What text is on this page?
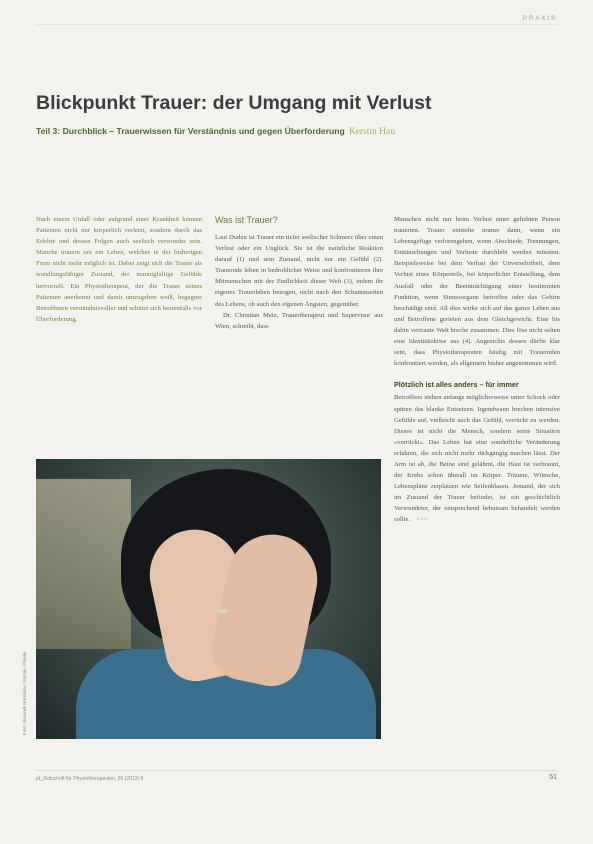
PRAXIS
Blickpunkt Trauer: der Umgang mit Verlust
Teil 3: Durchblick – Trauerwissen für Verständnis und gegen Überforderung Kerstin Hau

Nach einem Unfall oder aufgrund einer Krankheit können Patienten nicht nur körperlich verletzt, sondern durch das Erlebte und dessen Folgen auch seelisch verwundet sein. Manche trauern um ein Leben, welches in der bisherigen Form nicht mehr möglich ist. Dabei zeigt sich die Trauer als wandlungsfähiger Zustand, der mannigfaltige Gefühle hervorruft. Ein Physiotherapeut, der die Trauer seines Patienten anerkennt und damit umzugehen weiß, begegnet Betroffenen verständnisvoller und schützt sich bestenfalls vor Überforderung.

Was ist Trauer?

Laut Duden ist Trauer ein tiefer seelischer Schmerz über einen Verlust oder ein Unglück. Sie ist die natürliche Reaktion darauf (1) und sein Zustand, nicht nur ein Gefühl (2). Trauernde leben in bedrohlicher Weise und konfrontieren ihre Mitmenschen mit der Endlichkeit dieser Welt (3), indem ihr eigenes Trauerleben bezogen, nicht nach den Schattenseiten des Lebens, ob auch den eigenen Ängsten, gegenüber.

Dr. Christian Metz, Trauertherapeut und Supervisor aus Wien, schreibt, dass

Menschen nicht nur beim Verlust einer geliebten Person trauerten. Trauer entstehe immer dann, wenn ein Lebensgefüge verlorengehen, wenn Abschiede, Trennungen, Enttäuschungen und Verluste durchlebt werden müssten. Beispielsweise bei dem Verlust der Unversehrtheit, dem Verlust eines Körperteils, bei körperlicher Entstellung, dem Ausfall oder der Beeinträchtigung einer bestimmten Funktion, wenn Sinnesorgane betroffen oder das Gehirn beschädigt sind. All dies wirke sich auf das ganze Leben aus und Betroffene gerieten aus dem Gleichgewicht. Eine bis dahin vertraute Welt breche zusammen. Dies löse nicht selten eine Identitätskrise aus (4). Angesichts dessen dürfte klar sein, dass Physiotherapeuten häufig mit Trauernden konfrontiert werden, als allgemein bisher angenommen wird.

Plötzlich ist alles anders – für immer

Betroffene stehen anfangs möglicherweise unter Schock oder spüren das blanke Entsetzen. Irgendwann brechen intensive Gefühle auf, vielleicht auch das Gefühl, verrückt zu werden. Dieses ist nicht die Mensch, sondern seine Situation »verrückt«. Das Leben hat eine sonderliche Veränderung erfahren, die sich nicht mehr rückgängig machen lässt. Der Arm ist ab, die Beine sind gelähmt, die Haut ist verbrannt, der Krebs schon überall im Körper. Träume, Wünsche, Lebenspläne zerplatzen wie Seifenblasen. Jemand, der sich im Zustand der Trauer befindet, ist ein geschichtlich Verwundeter, der entsprechend behutsam behandelt werden sollte. >>>

Foto: Alexandr Ermolaev / Fotolia / Pixelio
pt_Zeitschrift für Physiotherapeuten_65 (2013) 8	51
